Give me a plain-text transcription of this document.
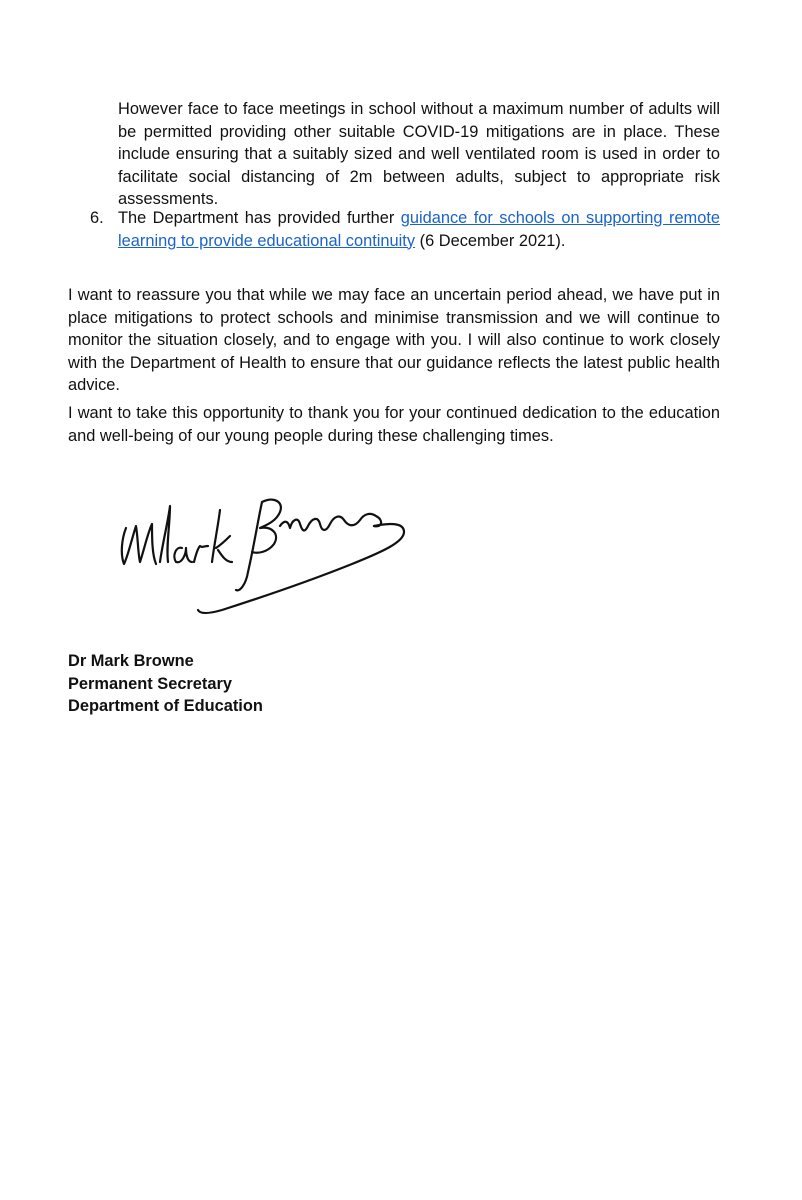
However face to face meetings in school without a maximum number of adults will be permitted providing other suitable COVID-19 mitigations are in place. These include ensuring that a suitably sized and well ventilated room is used in order to facilitate social distancing of 2m between adults, subject to appropriate risk assessments.
6. The Department has provided further guidance for schools on supporting remote learning to provide educational continuity (6 December 2021).

I want to reassure you that while we may face an uncertain period ahead, we have put in place mitigations to protect schools and minimise transmission and we will continue to monitor the situation closely, and to engage with you. I will also continue to work closely with the Department of Health to ensure that our guidance reflects the latest public health advice.

I want to take this opportunity to thank you for your continued dedication to the education and well-being of our young people during these challenging times.

Dr Mark Browne
Permanent Secretary
Department of Education
